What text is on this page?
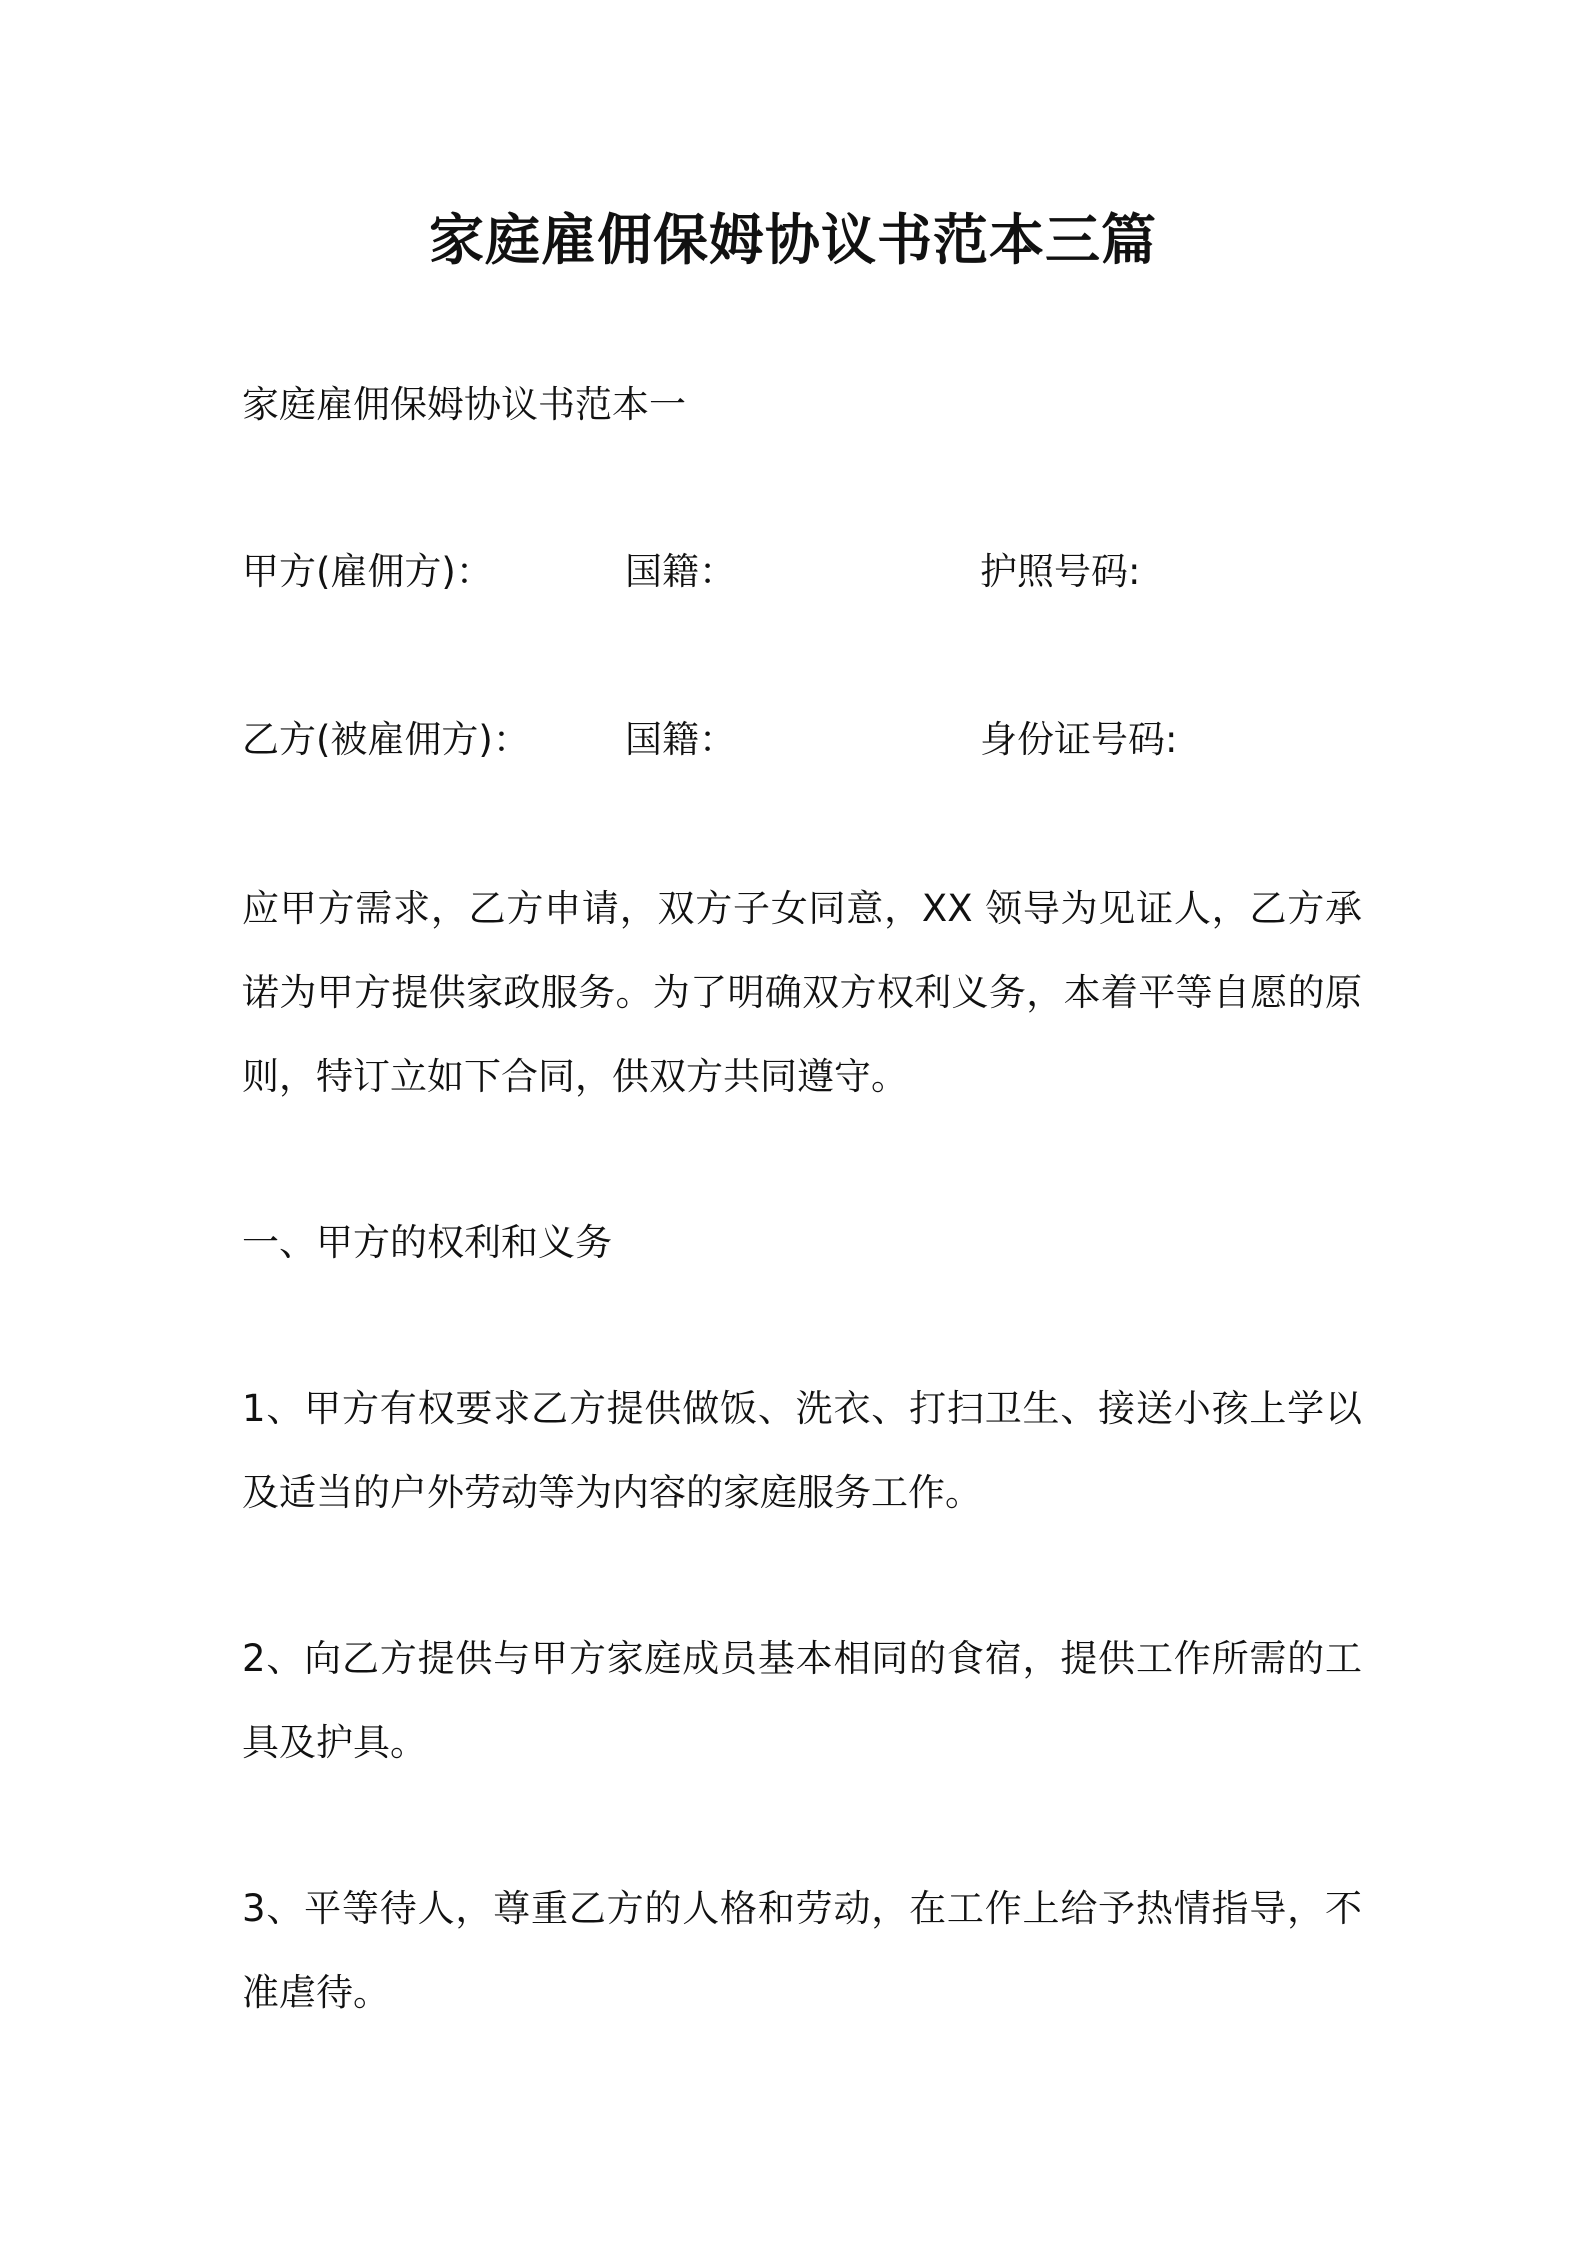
家庭雇佣保姆协议书范本三篇
家庭雇佣保姆协议书范本一
甲方(雇佣方)：	国籍：	护照号码:
乙方(被雇佣方)：	国籍：	身份证号码:
应甲方需求，乙方申请，双方子女同意，XX 领导为见证人，乙方承诺为甲方提供家政服务。为了明确双方权利义务，本着平等自愿的原则，特订立如下合同，供双方共同遵守。
一、甲方的权利和义务
1、甲方有权要求乙方提供做饭、洗衣、打扫卫生、接送小孩上学以及适当的户外劳动等为内容的家庭服务工作。
2、向乙方提供与甲方家庭成员基本相同的食宿，提供工作所需的工具及护具。
3、平等待人，尊重乙方的人格和劳动，在工作上给予热情指导，不准虐待。
